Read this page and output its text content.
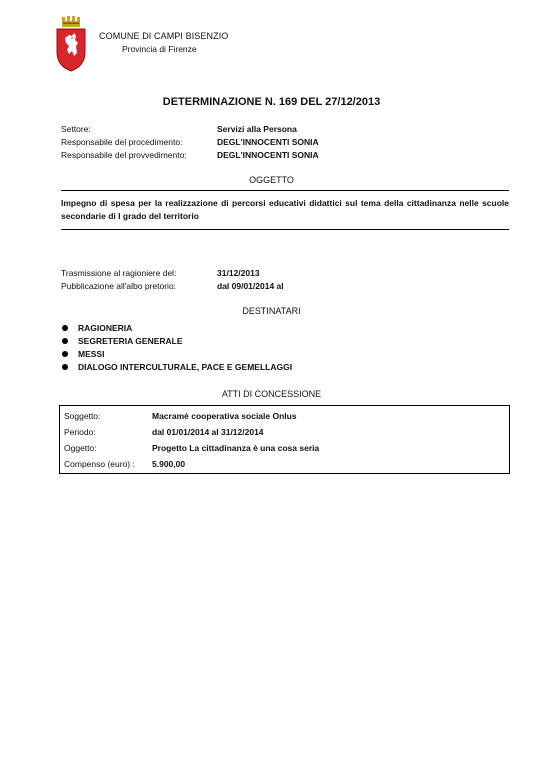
COMUNE DI CAMPI BISENZIO
Provincia di Firenze
DETERMINAZIONE N. 169 DEL 27/12/2013
Settore:	Servizi alla Persona
Responsabile del procedimento:	DEGL'INNOCENTI SONIA
Responsabile del provvedimento:	DEGL'INNOCENTI SONIA
OGGETTO
Impegno di spesa per la realizzazione di percorsi educativi didattici sul tema della cittadinanza nelle scuole secondarie di I grado del territorio
Trasmissione al ragioniere del:	31/12/2013
Pubblicazione all'albo pretorio:	dal 09/01/2014 al
DESTINATARI
RAGIONERIA
SEGRETERIA GENERALE
MESSI
DIALOGO INTERCULTURALE, PACE E GEMELLAGGI
ATTI DI CONCESSIONE
Soggetto:	Macramè cooperativa sociale Onlus
Periodo:	dal 01/01/2014 al 31/12/2014
Oggetto:	Progetto La cittadinanza è una cosa seria
Compenso (euro) : 5.900,00
